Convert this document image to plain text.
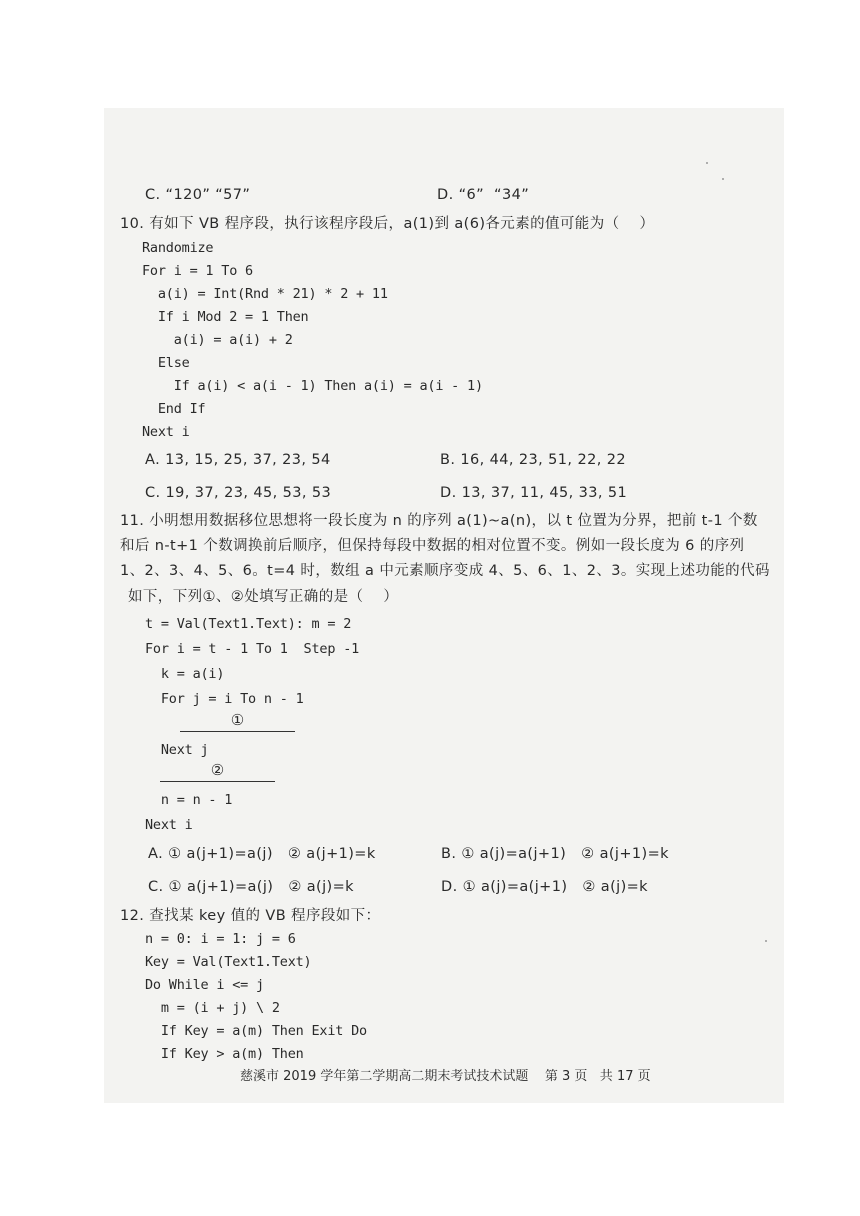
C. “120” “57”	D. “6”  “34”
10. 有如下 VB 程序段，执行该程序段后，a(1)到 a(6)各元素的值可能为（    ）
Randomize
For i = 1 To 6
a(i) = Int(Rnd * 21) * 2 + 11
If i Mod 2 = 1 Then
a(i) = a(i) + 2
Else
If a(i) < a(i - 1) Then a(i) = a(i - 1)
End If
Next i
A. 13, 15, 25, 37, 23, 54	B. 16, 44, 23, 51, 22, 22
C. 19, 37, 23, 45, 53, 53	D. 13, 37, 11, 45, 33, 51
11. 小明想用数据移位思想将一段长度为 n 的序列 a(1)~a(n)，以 t 位置为分界，把前 t-1 个数
和后 n-t+1 个数调换前后顺序，但保持每段中数据的相对位置不变。例如一段长度为 6 的序列
1、2、3、4、5、6。t=4 时，数组 a 中元素顺序变成 4、5、6、1、2、3。实现上述功能的代码
如下，下列①、②处填写正确的是（    ）
t = Val(Text1.Text): m = 2
For i = t - 1 To 1  Step -1
k = a(i)
For j = i To n - 1
①
Next j
②
n = n - 1
Next i
A. ① a(j+1)=a(j)   ② a(j+1)=k	B. ① a(j)=a(j+1)   ② a(j+1)=k
C. ① a(j+1)=a(j)   ② a(j)=k	D. ① a(j)=a(j+1)   ② a(j)=k
12. 查找某 key 值的 VB 程序段如下：
n = 0: i = 1: j = 6
Key = Val(Text1.Text)
Do While i <= j
m = (i + j) \ 2
If Key = a(m) Then Exit Do
If Key > a(m) Then
慈溪市 2019 学年第二学期高二期末考试技术试题    第 3 页   共 17 页
